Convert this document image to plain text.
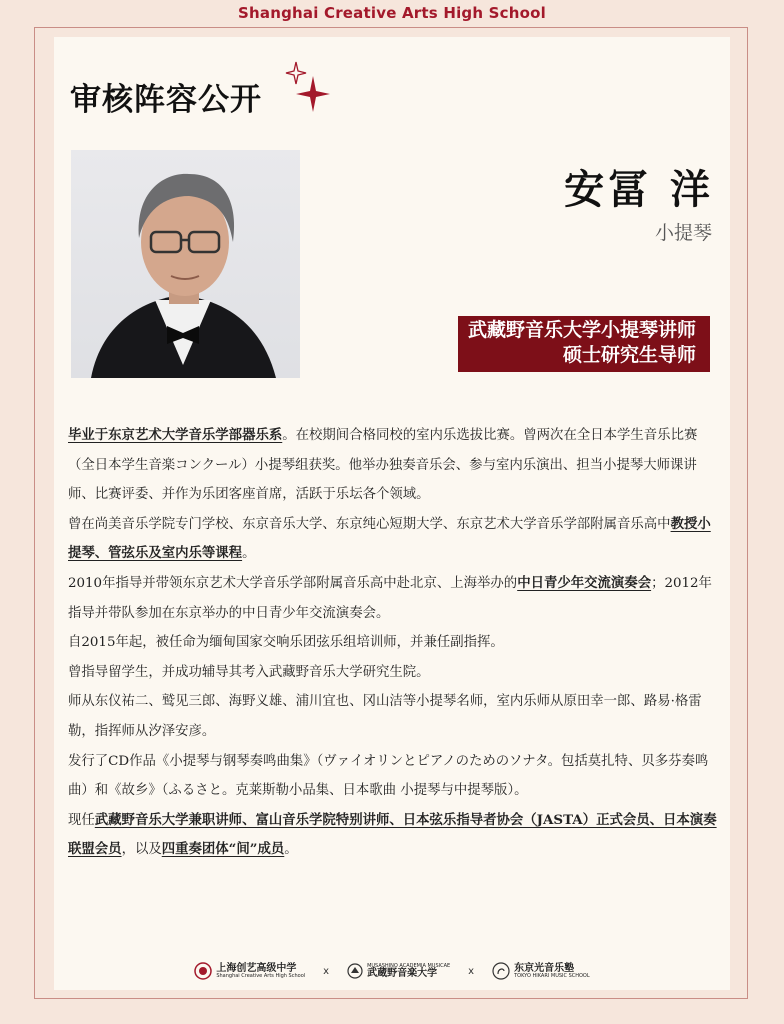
Shanghai Creative Arts High School
审核阵容公开
安冨 洋
小提琴
武藏野音乐大学小提琴讲师
硕士研究生导师

毕业于东京艺术大学音乐学部器乐系。在校期间合格同校的室内乐选拔比赛。曾两次在全日本学生音乐比赛（全日本学生音楽コンクール）小提琴组获奖。他举办独奏音乐会、参与室内乐演出、担当小提琴大师课讲师、比赛评委、并作为乐团客座首席，活跃于乐坛各个领域。

曾在尚美音乐学院专门学校、东京音乐大学、东京纯心短期大学、东京艺术大学音乐学部附属音乐高中教授小提琴、管弦乐及室内乐等课程。

2010年指导并带领东京艺术大学音乐学部附属音乐高中赴北京、上海举办的中日青少年交流演奏会；2012年指导并带队参加在东京举办的中日青少年交流演奏会。

自2015年起，被任命为缅甸国家交响乐团弦乐组培训师，并兼任副指挥。

曾指导留学生，并成功辅导其考入武藏野音乐大学研究生院。

师从东仪祐二、鹫见三郎、海野义雄、浦川宜也、冈山洁等小提琴名师，室内乐师从原田幸一郎、路易·格雷勒，指挥师从汐泽安彦。

发行了CD作品《小提琴与钢琴奏鸣曲集》（ヴァイオリンとピアノのためのソナタ。包括莫扎特、贝多芬奏鸣曲）和《故乡》（ふるさと。克莱斯勒小品集、日本歌曲 小提琴与中提琴版）。

现任武藏野音乐大学兼职讲师、富山音乐学院特别讲师、日本弦乐指导者协会（JASTA）正式会员、日本演奏联盟会员，以及四重奏团体“间”成员。

上海创艺高级中学
Shanghai Creative Arts High School x	MUSASHINO ACADEMIA MUSICAE
武蔵野音楽大学	x	东京光音乐塾
TOKYO HIKARI MUSIC SCHOOL
